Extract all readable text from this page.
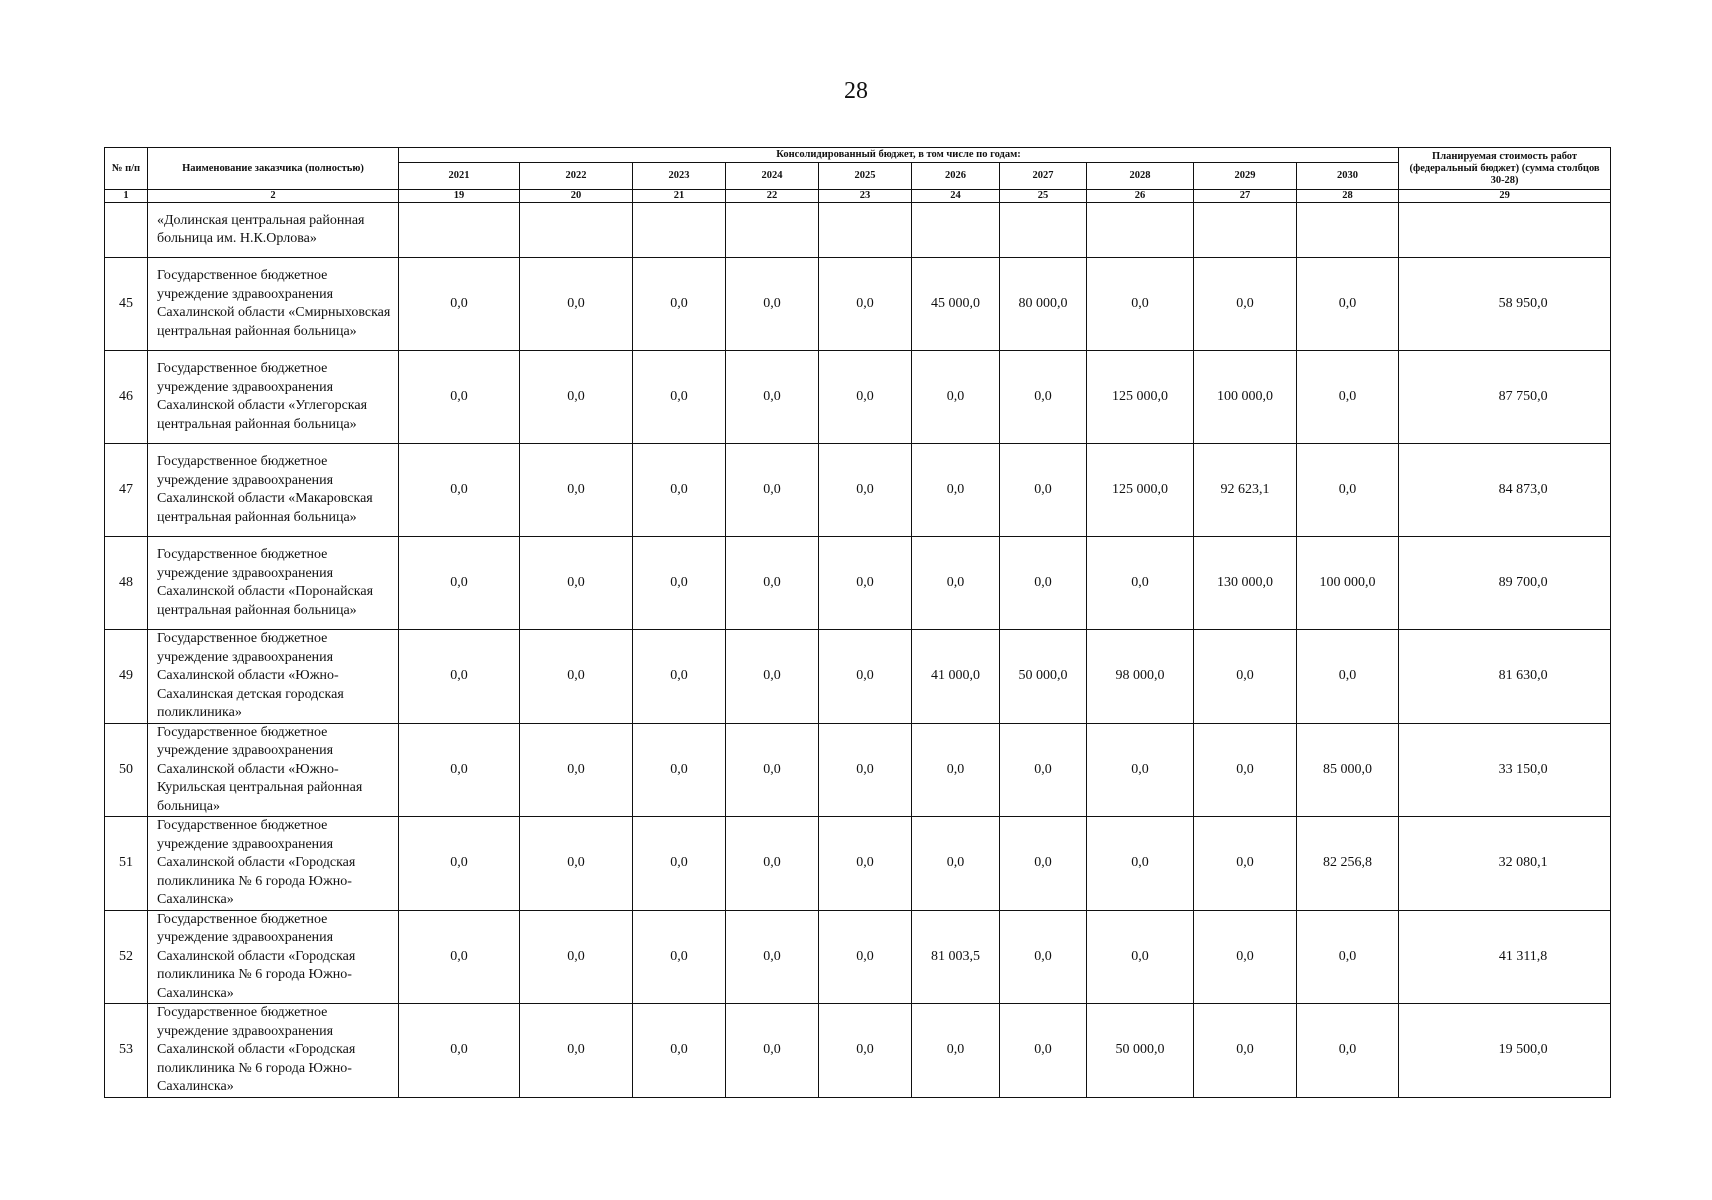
28
№ п/п	Наименование заказчика (полностью)	Консолидированный бюджет, в том числе по годам:										Планируемая стоимость работ (федеральный бюджет) (сумма столбцов 30-28)
		2021	2022	2023	2024	2025	2026	2027	2028	2029	2030	
1	2	19	20	21	22	23	24	25	26	27	28	29
	«Долинская центральная районная больница им. Н.К.Орлова»											
45	Государственное бюджетное учреждение здравоохранения Сахалинской области «Смирныховская центральная районная больница»	0,0	0,0	0,0	0,0	0,0	45 000,0	80 000,0	0,0	0,0	0,0	58 950,0
46	Государственное бюджетное учреждение здравоохранения Сахалинской области «Углегорская центральная районная больница»	0,0	0,0	0,0	0,0	0,0	0,0	0,0	125 000,0	100 000,0	0,0	87 750,0
47	Государственное бюджетное учреждение здравоохранения Сахалинской области «Макаровская центральная районная больница»	0,0	0,0	0,0	0,0	0,0	0,0	0,0	125 000,0	92 623,1	0,0	84 873,0
48	Государственное бюджетное учреждение здравоохранения Сахалинской области «Поронайская центральная районная больница»	0,0	0,0	0,0	0,0	0,0	0,0	0,0	0,0	130 000,0	100 000,0	89 700,0
49	Государственное бюджетное учреждение здравоохранения Сахалинской области «Южно-Сахалинская детская городская поликлиника»	0,0	0,0	0,0	0,0	0,0	41 000,0	50 000,0	98 000,0	0,0	0,0	81 630,0
50	Государственное бюджетное учреждение здравоохранения Сахалинской области «Южно-Курильская центральная районная больница»	0,0	0,0	0,0	0,0	0,0	0,0	0,0	0,0	0,0	85 000,0	33 150,0
51	Государственное бюджетное учреждение здравоохранения Сахалинской области «Городская поликлиника № 6 города Южно-Сахалинска»	0,0	0,0	0,0	0,0	0,0	0,0	0,0	0,0	0,0	82 256,8	32 080,1
52	Государственное бюджетное учреждение здравоохранения Сахалинской области «Городская поликлиника № 6 города Южно-Сахалинска»	0,0	0,0	0,0	0,0	0,0	81 003,5	0,0	0,0	0,0	0,0	41 311,8
53	Государственное бюджетное учреждение здравоохранения Сахалинской области «Городская поликлиника № 6 города Южно-Сахалинска»	0,0	0,0	0,0	0,0	0,0	0,0	0,0	50 000,0	0,0	0,0	19 500,0
